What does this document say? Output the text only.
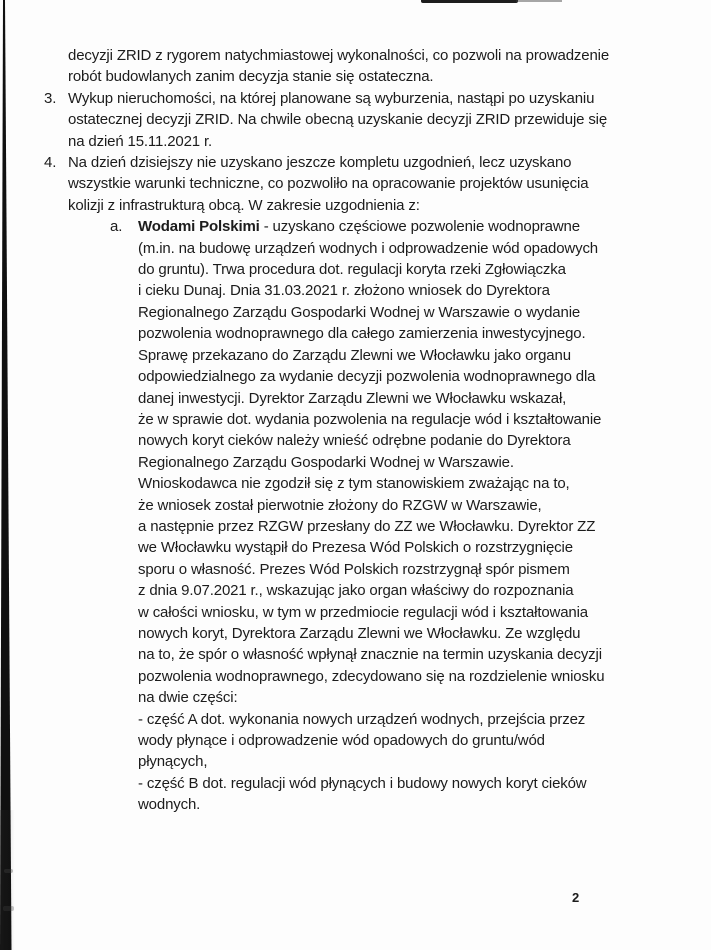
decyzji ZRID z rygorem natychmiastowej wykonalności, co pozwoli na prowadzenie
robót budowlanych zanim decyzja stanie się ostateczna.
3. Wykup nieruchomości, na której planowane są wyburzenia, nastąpi po uzyskaniu
ostatecznej decyzji ZRID. Na chwile obecną uzyskanie decyzji ZRID przewiduje się
na dzień 15.11.2021 r.
4. Na dzień dzisiejszy nie uzyskano jeszcze kompletu uzgodnień, lecz uzyskano
wszystkie warunki techniczne, co pozwoliło na opracowanie projektów usunięcia
kolizji z infrastrukturą obcą. W zakresie uzgodnienia z:
a.	Wodami Polskimi - uzyskano częściowe pozwolenie wodnoprawne
(m.in. na budowę urządzeń wodnych i odprowadzenie wód opadowych
do gruntu). Trwa procedura dot. regulacji koryta rzeki Zgłowiączka
i cieku Dunaj. Dnia 31.03.2021 r. złożono wniosek do Dyrektora
Regionalnego Zarządu Gospodarki Wodnej w Warszawie o wydanie
pozwolenia wodnoprawnego dla całego zamierzenia inwestycyjnego.
Sprawę przekazano do Zarządu Zlewni we Włocławku jako organu
odpowiedzialnego za wydanie decyzji pozwolenia wodnoprawnego dla
danej inwestycji. Dyrektor Zarządu Zlewni we Włocławku wskazał,
że w sprawie dot. wydania pozwolenia na regulacje wód i kształtowanie
nowych koryt cieków należy wnieść odrębne podanie do Dyrektora
Regionalnego Zarządu Gospodarki Wodnej w Warszawie.
Wnioskodawca nie zgodził się z tym stanowiskiem zważając na to,
że wniosek został pierwotnie złożony do RZGW w Warszawie,
a następnie przez RZGW przesłany do ZZ we Włocławku. Dyrektor ZZ
we Włocławku wystąpił do Prezesa Wód Polskich o rozstrzygnięcie
sporu o własność. Prezes Wód Polskich rozstrzygnął spór pismem
z dnia 9.07.2021 r., wskazując jako organ właściwy do rozpoznania
w całości wniosku, w tym w przedmiocie regulacji wód i kształtowania
nowych koryt, Dyrektora Zarządu Zlewni we Włocławku. Ze względu
na to, że spór o własność wpłynął znacznie na termin uzyskania decyzji
pozwolenia wodnoprawnego, zdecydowano się na rozdzielenie wniosku
na dwie części:
- część A dot. wykonania nowych urządzeń wodnych, przejścia przez
wody płynące i odprowadzenie wód opadowych do gruntu/wód
płynących,
- część B dot. regulacji wód płynących i budowy nowych koryt cieków
wodnych.
2
